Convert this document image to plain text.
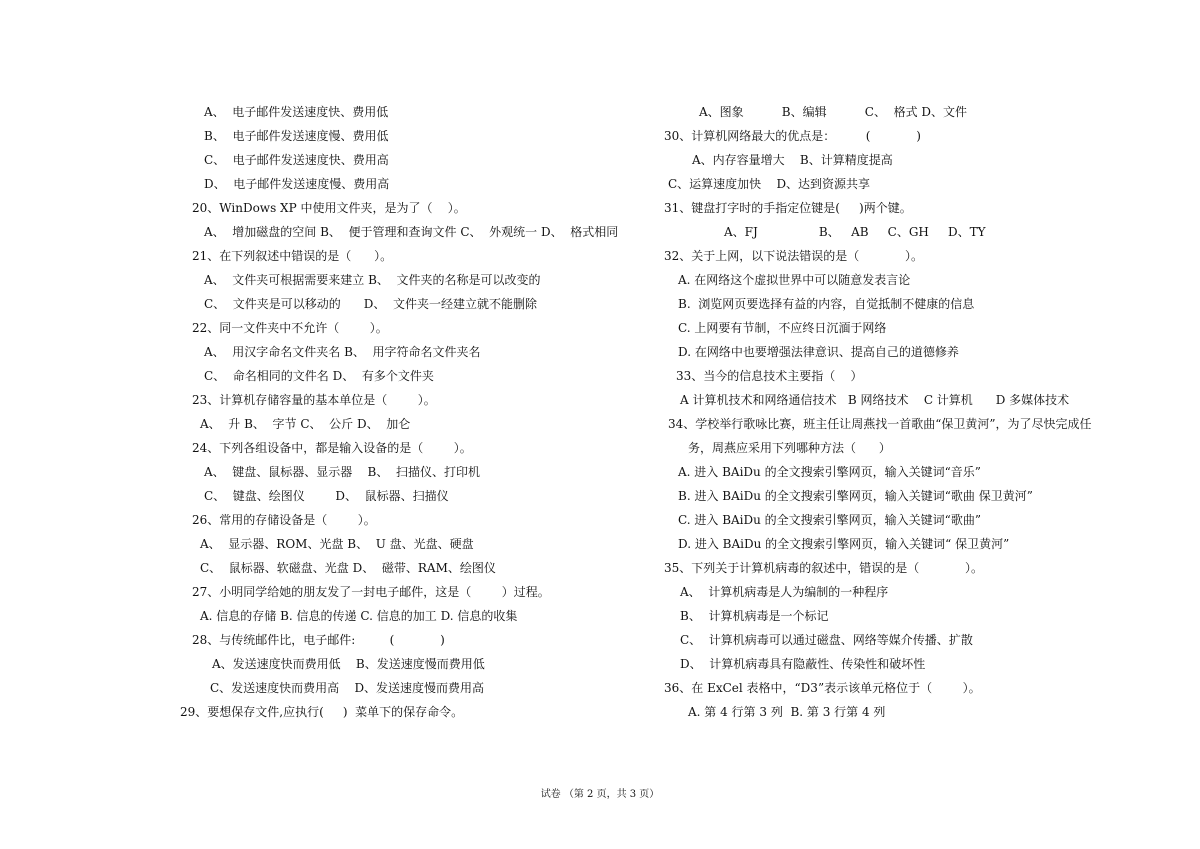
A、  电子邮件发送速度快、费用低
B、  电子邮件发送速度慢、费用低
C、  电子邮件发送速度快、费用高
D、  电子邮件发送速度慢、费用高
20、WinDows XP 中使用文件夹，是为了（    ）。
A、  增加磁盘的空间 B、  便于管理和查询文件 C、  外观统一 D、  格式相同
21、在下列叙述中错误的是（      ）。
A、  文件夹可根据需要来建立 B、  文件夹的名称是可以改变的
C、  文件夹是可以移动的      D、  文件夹一经建立就不能删除
22、同一文件夹中不允许（        ）。
A、  用汉字命名文件夹名 B、  用字符命名文件夹名
C、  命名相同的文件名 D、  有多个文件夹
23、计算机存储容量的基本单位是（        ）。
A、  升 B、  字节 C、  公斤 D、  加仑
24、下列各组设备中，都是输入设备的是（        ）。
A、  键盘、鼠标器、显示器    B、  扫描仪、打印机
C、  键盘、绘图仪        D、  鼠标器、扫描仪
26、常用的存储设备是（        ）。
A、  显示器、ROM、光盘 B、  U 盘、光盘、硬盘
C、  鼠标器、软磁盘、光盘 D、  磁带、RAM、绘图仪
27、小明同学给她的朋友发了一封电子邮件，这是（        ）过程。
A. 信息的存储 B. 信息的传递 C. 信息的加工 D. 信息的收集
28、与传统邮件比，电子邮件:         (            )
A、发送速度快而费用低    B、发送速度慢而费用低
C、发送速度快而费用高    D、发送速度慢而费用高
29、要想保存文件,应执行(     )  菜单下的保存命令。
A、图象          B、编辑          C、  格式 D、文件
30、计算机网络最大的优点是：        (            )
A、内存容量增大    B、计算精度提高
C、运算速度加快    D、达到资源共享
31、键盘打字时的手指定位键是(     )两个键。
A、FJ                B、   AB     C、GH     D、TY
32、关于上网，以下说法错误的是（            ）。
A. 在网络这个虚拟世界中可以随意发表言论
B.  浏览网页要选择有益的内容，自觉抵制不健康的信息
C. 上网要有节制，不应终日沉湎于网络
D. 在网络中也要增强法律意识、提高自己的道德修养
33、当今的信息技术主要指（    ）
A 计算机技术和网络通信技术   B 网络技术    C 计算机      D 多媒体技术
34、学校举行歌咏比赛，班主任让周燕找一首歌曲“保卫黄河”，为了尽快完成任
务，周燕应采用下列哪种方法（      ）
A. 进入 BAiDu 的全文搜索引擎网页，输入关键词“音乐”
B. 进入 BAiDu 的全文搜索引擎网页，输入关键词“歌曲 保卫黄河”
C. 进入 BAiDu 的全文搜索引擎网页，输入关键词“歌曲”
D. 进入 BAiDu 的全文搜索引擎网页，输入关键词“ 保卫黄河”
35、下列关于计算机病毒的叙述中，错误的是（            ）。
A、  计算机病毒是人为编制的一种程序
B、  计算机病毒是一个标记
C、  计算机病毒可以通过磁盘、网络等媒介传播、扩散
D、  计算机病毒具有隐蔽性、传染性和破坏性
36、在 ExCel 表格中，“D3”表示该单元格位于（        ）。
A. 第 4 行第 3 列  B. 第 3 行第 4 列
试卷 （第 2 页，共 3 页）
